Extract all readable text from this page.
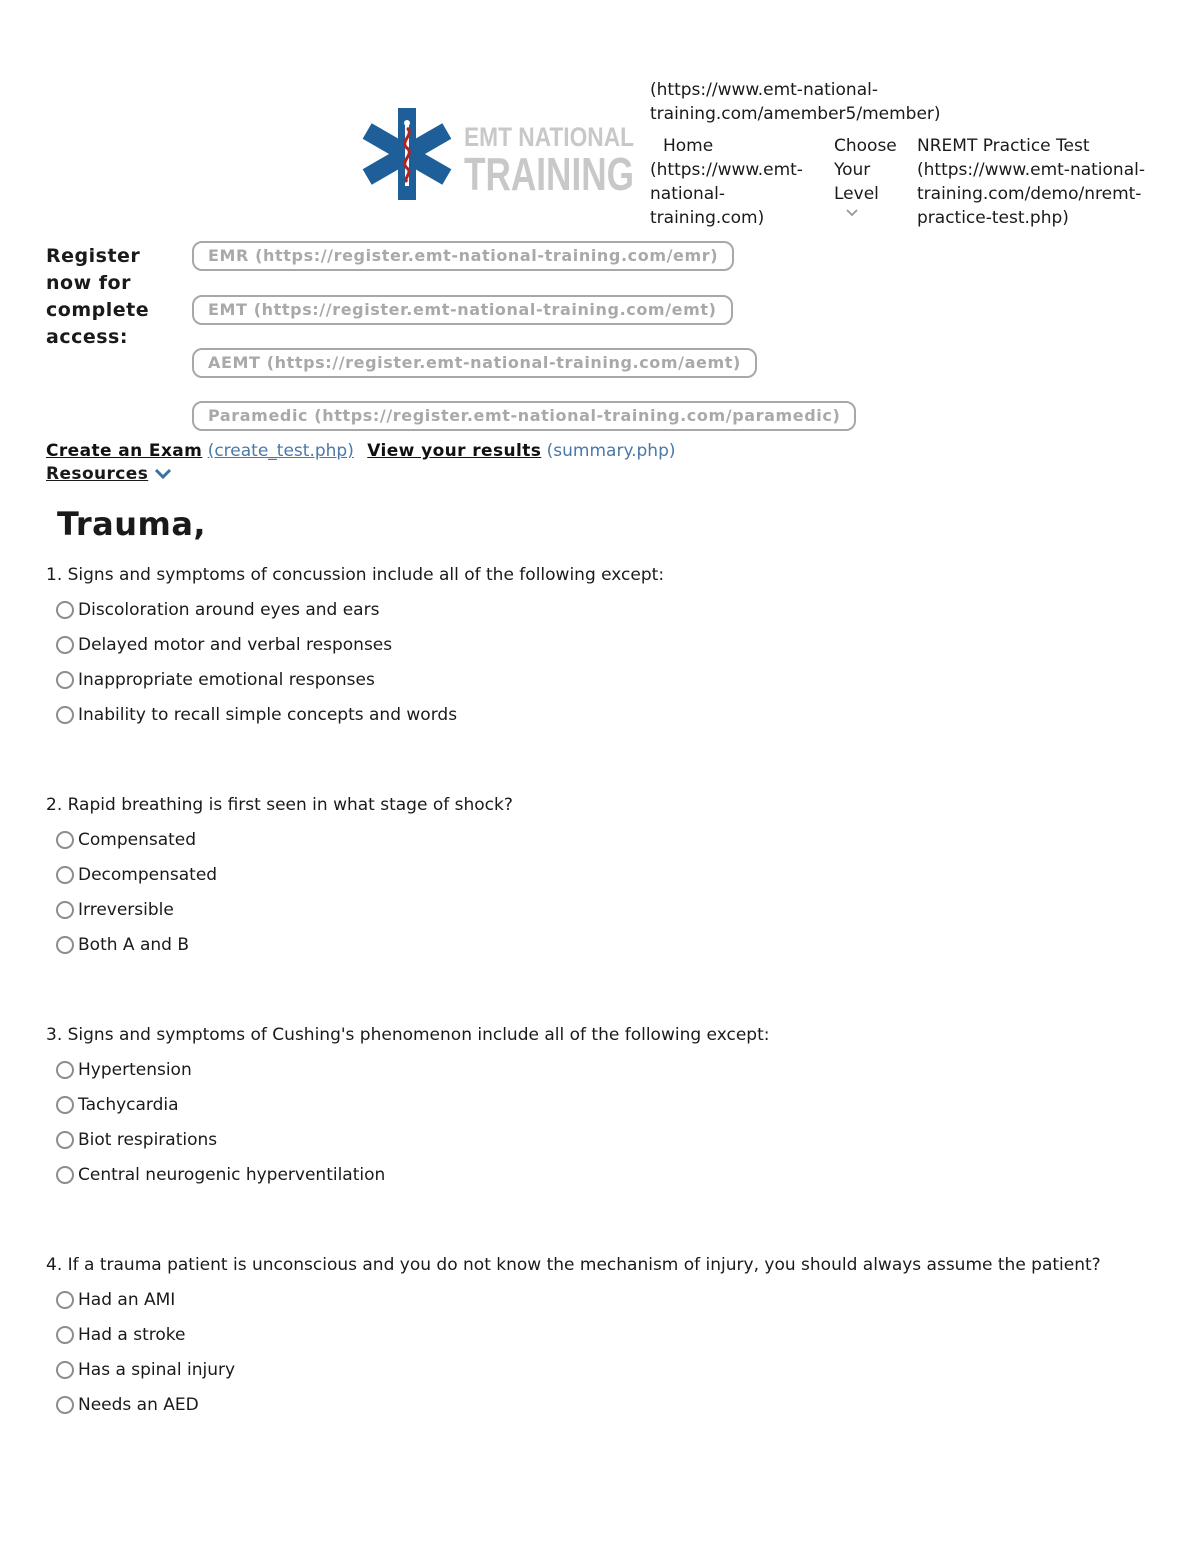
EMT NATIONAL
TRAINING
(https://www.emt-national-training.com/amember5/member)
Home
(https://www.emt-national-training.com)
Choose Your Level
NREMT Practice Test
(https://www.emt-national-training.com/demo/nremt-practice-test.php)
Register now for complete access:
EMR (https://register.emt-national-training.com/emr)
EMT (https://register.emt-national-training.com/emt)
AEMT (https://register.emt-national-training.com/aemt)
Paramedic (https://register.emt-national-training.com/paramedic)
Create an Exam (create_test.php) View your results (summary.php)
Resources
Trauma,
1. Signs and symptoms of concussion include all of the following except:
Discoloration around eyes and ears
Delayed motor and verbal responses
Inappropriate emotional responses
Inability to recall simple concepts and words
2. Rapid breathing is first seen in what stage of shock?
Compensated
Decompensated
Irreversible
Both A and B
3. Signs and symptoms of Cushing's phenomenon include all of the following except:
Hypertension
Tachycardia
Biot respirations
Central neurogenic hyperventilation
4. If a trauma patient is unconscious and you do not know the mechanism of injury, you should always assume the patient?
Had an AMI
Had a stroke
Has a spinal injury
Needs an AED
